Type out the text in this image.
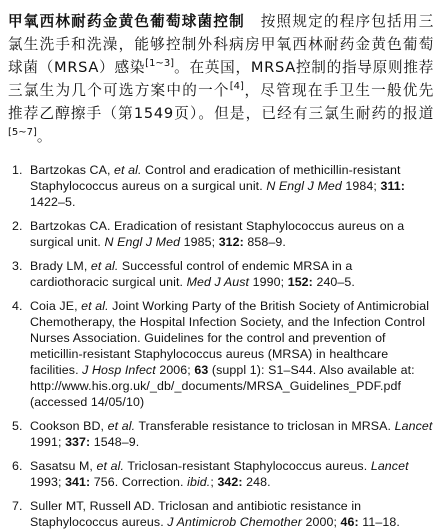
甲氧西林耐药金黄色葡萄球菌控制　 按照规定的程序包括用三氯生洗手和洗澡，能够控制外科病房甲氧西林耐药金黄色葡萄球菌（MRSA）感染[1~3]。在英国，MRSA控制的指导原则推荐三氯生为几个可选方案中的一个[4]，尽管现在手卫生一般优先推荐乙醇擦手（第1549页）。但是，已经有三氯生耐药的报道[5~7]。

1. Bartzokas CA, et al. Control and eradication of methicillin-resistant Staphylococcus aureus on a surgical unit. N Engl J Med 1984; 311: 1422–5.
2. Bartzokas CA. Eradication of resistant Staphylococcus aureus on a surgical unit. N Engl J Med 1985; 312: 858–9.
3. Brady LM, et al. Successful control of endemic MRSA in a cardiothoracic surgical unit. Med J Aust 1990; 152: 240–5.
4. Coia JE, et al. Joint Working Party of the British Society of Antimicrobial Chemotherapy, the Hospital Infection Society, and the Infection Control Nurses Association. Guidelines for the control and prevention of meticillin-resistant Staphylococcus aureus (MRSA) in healthcare facilities. J Hosp Infect 2006; 63 (suppl 1): S1–S44. Also available at: http://www.his.org.uk/_db/_documents/MRSA_Guidelines_PDF.pdf (accessed 14/05/10)
5. Cookson BD, et al. Transferable resistance to triclosan in MRSA. Lancet 1991; 337: 1548–9.
6. Sasatsu M, et al. Triclosan-resistant Staphylococcus aureus. Lancet 1993; 341: 756. Correction. ibid.; 342: 248.
7. Suller MT, Russell AD. Triclosan and antibiotic resistance in Staphylococcus aureus. J Antimicrob Chemother 2000; 46: 11–18.
